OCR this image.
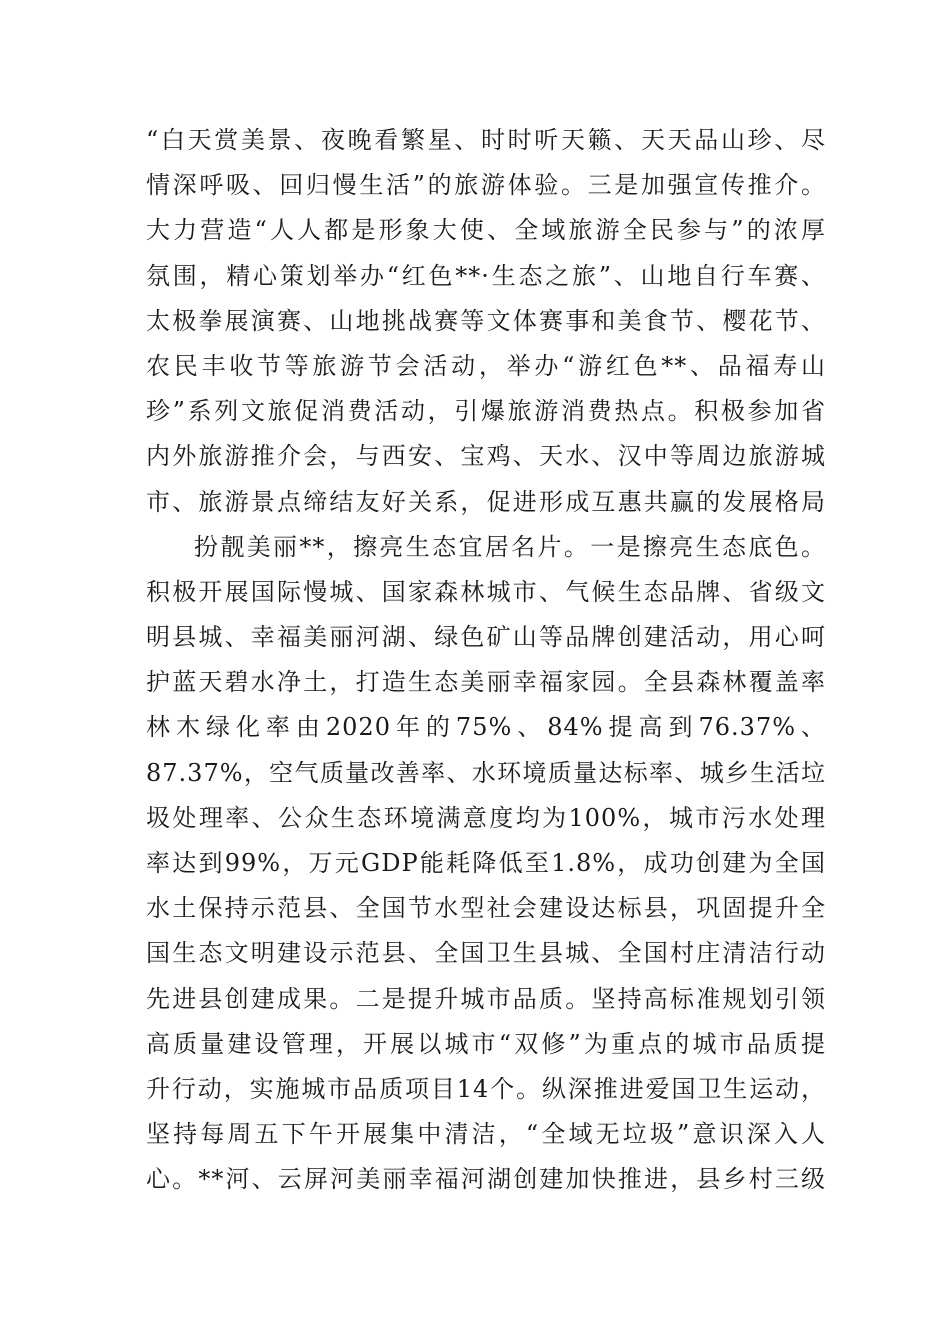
“白天赏美景、夜晚看繁星、时时听天籁、天天品山珍、尽
情深呼吸、回归慢生活”的旅游体验。三是加强宣传推介。
大力营造“人人都是形象大使、全域旅游全民参与”的浓厚
氛围，精心策划举办“红色**·生态之旅”、山地自行车赛、
太极拳展演赛、山地挑战赛等文体赛事和美食节、樱花节、
农民丰收节等旅游节会活动，举办“游红色**、品福寿山
珍”系列文旅促消费活动，引爆旅游消费热点。积极参加省
内外旅游推介会，与西安、宝鸡、天水、汉中等周边旅游城
市、旅游景点缔结友好关系，促进形成互惠共赢的发展格局
扮靓美丽**，擦亮生态宜居名片。一是擦亮生态底色。
积极开展国际慢城、国家森林城市、气候生态品牌、省级文
明县城、幸福美丽河湖、绿色矿山等品牌创建活动，用心呵
护蓝天碧水净土，打造生态美丽幸福家园。全县森林覆盖率
林木绿化率由2020年的75%、84%提高到76.37%、
87.37%，空气质量改善率、水环境质量达标率、城乡生活垃
圾处理率、公众生态环境满意度均为100%，城市污水处理
率达到99%，万元GDP能耗降低至1.8%，成功创建为全国
水土保持示范县、全国节水型社会建设达标县，巩固提升全
国生态文明建设示范县、全国卫生县城、全国村庄清洁行动
先进县创建成果。二是提升城市品质。坚持高标准规划引领
高质量建设管理，开展以城市“双修”为重点的城市品质提
升行动，实施城市品质项目14个。纵深推进爱国卫生运动，
坚持每周五下午开展集中清洁，“全域无垃圾”意识深入人
心。**河、云屏河美丽幸福河湖创建加快推进，县乡村三级
